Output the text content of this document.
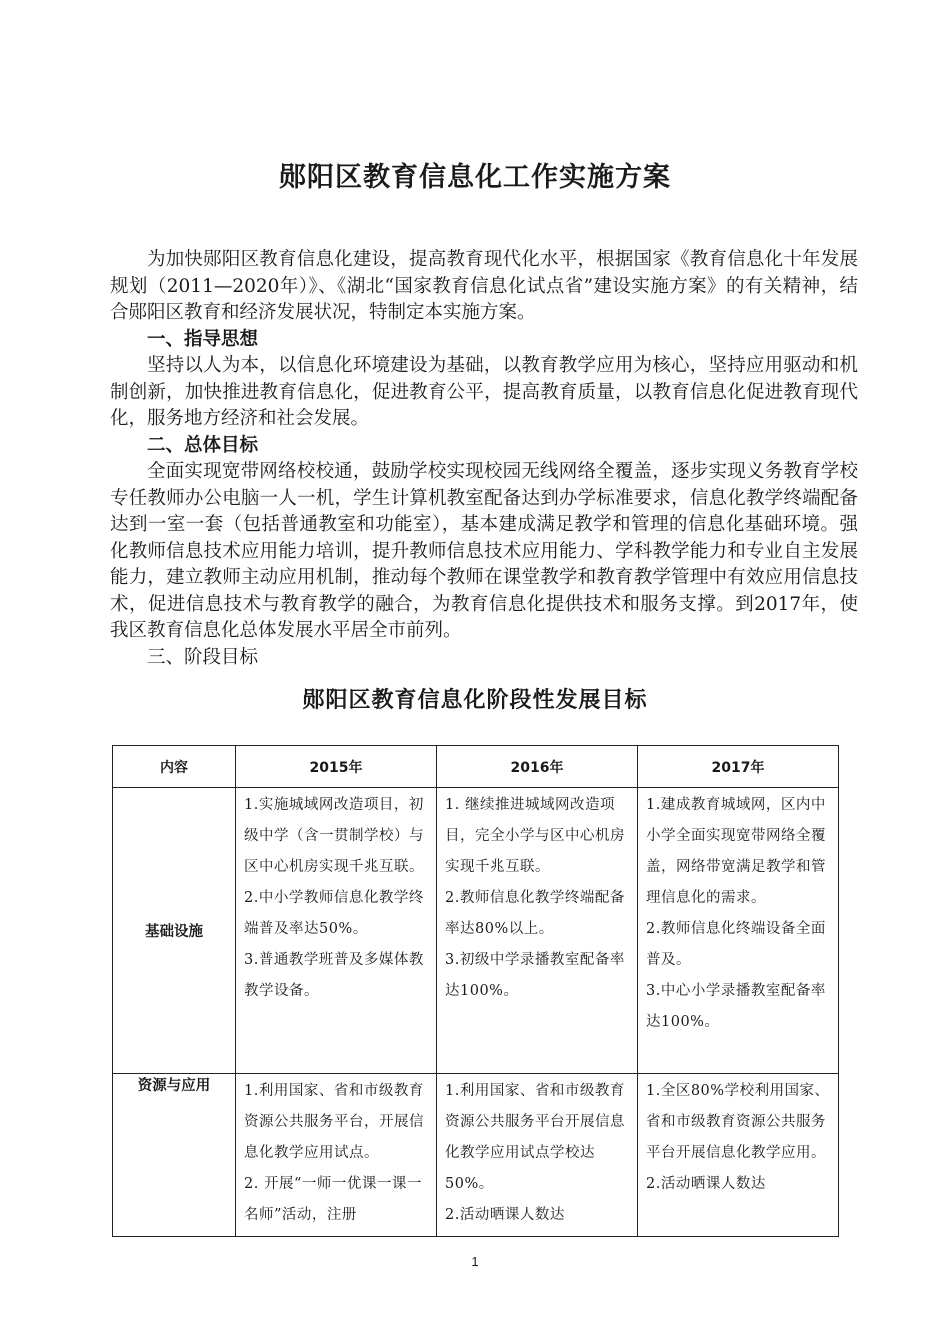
郧阳区教育信息化工作实施方案

为加快郧阳区教育信息化建设，提高教育现代化水平，根据国家《教育信息化十年发展规划（2011—2020年）》、《湖北“国家教育信息化试点省”建设实施方案》的有关精神，结合郧阳区教育和经济发展状况，特制定本实施方案。

一、指导思想

坚持以人为本，以信息化环境建设为基础，以教育教学应用为核心，坚持应用驱动和机制创新，加快推进教育信息化，促进教育公平，提高教育质量，以教育信息化促进教育现代化，服务地方经济和社会发展。

二、总体目标

全面实现宽带网络校校通，鼓励学校实现校园无线网络全覆盖，逐步实现义务教育学校专任教师办公电脑一人一机，学生计算机教室配备达到办学标准要求，信息化教学终端配备达到一室一套（包括普通教室和功能室），基本建成满足教学和管理的信息化基础环境。强化教师信息技术应用能力培训，提升教师信息技术应用能力、学科教学能力和专业自主发展能力，建立教师主动应用机制，推动每个教师在课堂教学和教育教学管理中有效应用信息技术，促进信息技术与教育教学的融合，为教育信息化提供技术和服务支撑。到2017年，使我区教育信息化总体发展水平居全市前列。

三、阶段目标
郧阳区教育信息化阶段性发展目标
内容	2015年	2016年	2017年
基础设施	1.实施城域网改造项目，初级中学（含一贯制学校）与区中心机房实现千兆互联。
2.中小学教师信息化教学终端普及率达50%。
3.普通教学班普及多媒体教教学设备。	1. 继续推进城域网改造项目，完全小学与区中心机房实现千兆互联。
2.教师信息化教学终端配备率达80%以上。
3.初级中学录播教室配备率达100%。	1.建成教育城域网，区内中小学全面实现宽带网络全覆盖，网络带宽满足教学和管理信息化的需求。
2.教师信息化终端设备全面普及。
3.中心小学录播教室配备率达100%。

资源与应用	1.利用国家、省和市级教育资源公共服务平台，开展信息化教学应用试点。
2. 开展“一师一优课一课一名师”活动，注册	1.利用国家、省和市级教育资源公共服务平台开展信息化教学应用试点学校达50%。
2.活动晒课人数达	1.全区80%学校利用国家、省和市级教育资源公共服务平台开展信息化教学应用。
2.活动晒课人数达
1
